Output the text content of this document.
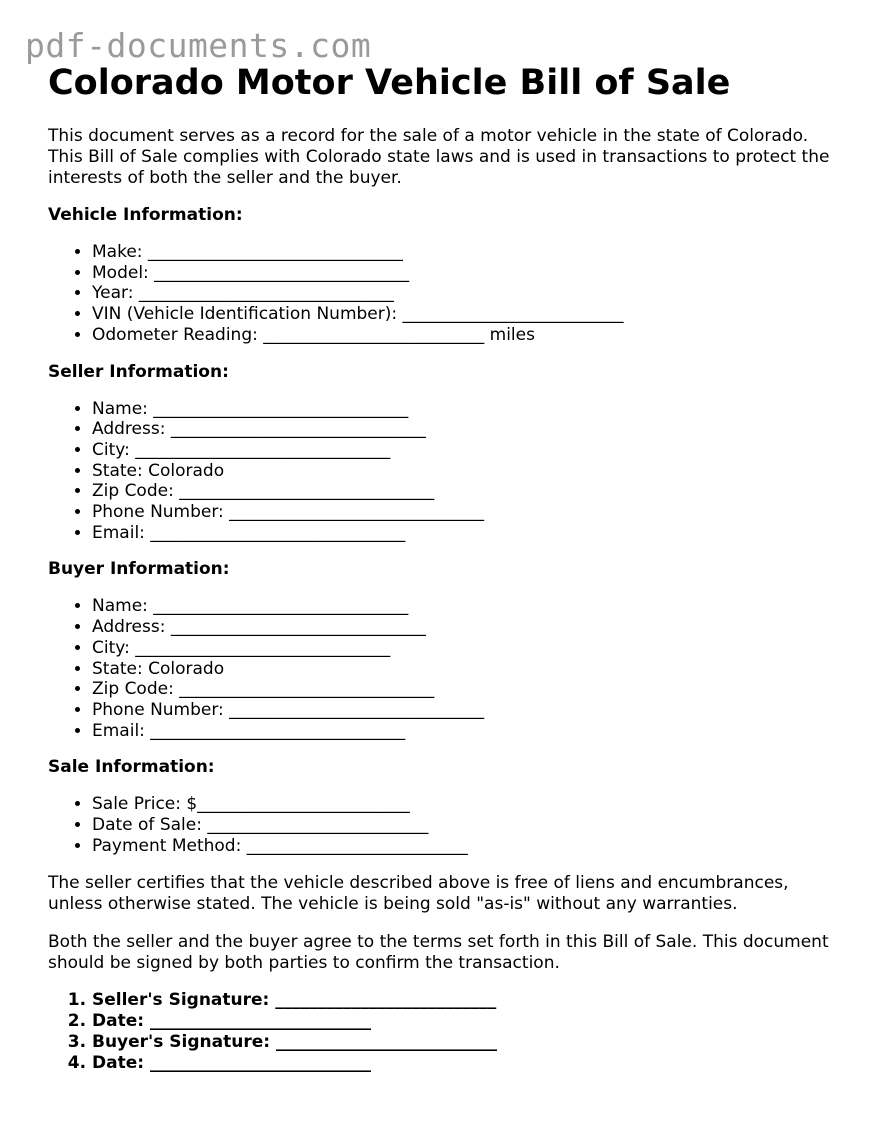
pdf-documents.com
Colorado Motor Vehicle Bill of Sale

This document serves as a record for the sale of a motor vehicle in the state of Colorado. This Bill of Sale complies with Colorado state laws and is used in transactions to protect the interests of both the seller and the buyer.

Vehicle Information:
• Make: ______________________________
• Model: ______________________________
• Year: ______________________________
• VIN (Vehicle Identification Number): __________________________
• Odometer Reading: __________________________ miles
Seller Information:
• Name: ______________________________
• Address: ______________________________
• City: ______________________________
• State: Colorado
• Zip Code: ______________________________
• Phone Number: ______________________________
• Email: ______________________________
Buyer Information:
• Name: ______________________________
• Address: ______________________________
• City: ______________________________
• State: Colorado
• Zip Code: ______________________________
• Phone Number: ______________________________
• Email: ______________________________
Sale Information:
• Sale Price: $_________________________
• Date of Sale: __________________________
• Payment Method: __________________________

The seller certifies that the vehicle described above is free of liens and encumbrances, unless otherwise stated. The vehicle is being sold "as-is" without any warranties.

Both the seller and the buyer agree to the terms set forth in this Bill of Sale. This document should be signed by both parties to confirm the transaction.

1. Seller's Signature: __________________________
2. Date: __________________________
3. Buyer's Signature: __________________________
4. Date: __________________________
